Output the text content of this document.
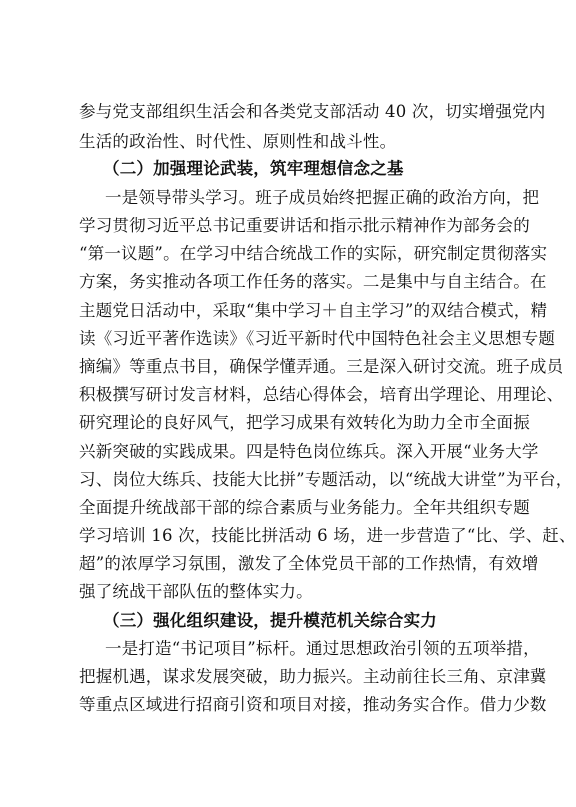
参与党支部组织生活会和各类党支部活动 40 次，切实增强党内
生活的政治性、时代性、原则性和战斗性。
（二）加强理论武装，筑牢理想信念之基
一是领导带头学习。班子成员始终把握正确的政治方向，把
学习贯彻习近平总书记重要讲话和指示批示精神作为部务会的
“第一议题”。在学习中结合统战工作的实际，研究制定贯彻落实
方案，务实推动各项工作任务的落实。二是集中与自主结合。在
主题党日活动中，采取“集中学习＋自主学习”的双结合模式，精
读《习近平著作选读》《习近平新时代中国特色社会主义思想专题
摘编》等重点书目，确保学懂弄通。三是深入研讨交流。班子成员
积极撰写研讨发言材料，总结心得体会，培育出学理论、用理论、
研究理论的良好风气，把学习成果有效转化为助力全市全面振
兴新突破的实践成果。四是特色岗位练兵。深入开展“业务大学
习、岗位大练兵、技能大比拼”专题活动，以“统战大讲堂”为平台，
全面提升统战部干部的综合素质与业务能力。全年共组织专题
学习培训 16 次，技能比拼活动 6 场，进一步营造了“比、学、赶、
超”的浓厚学习氛围，激发了全体党员干部的工作热情，有效增
强了统战干部队伍的整体实力。
（三）强化组织建设，提升模范机关综合实力
一是打造“书记项目”标杆。通过思想政治引领的五项举措，
把握机遇，谋求发展突破，助力振兴。主动前往长三角、京津冀
等重点区域进行招商引资和项目对接，推动务实合作。借力少数
